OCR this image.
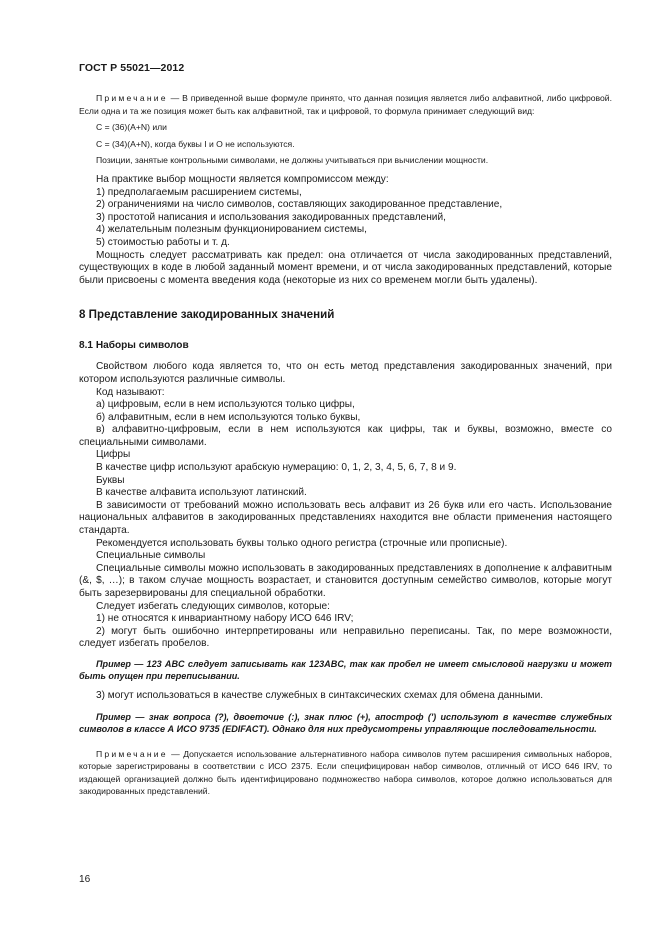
ГОСТ Р 55021—2012

Примечание — В приведенной выше формуле принято, что данная позиция является либо алфавитной, либо цифровой. Если одна и та же позиция может быть как алфавитной, так и цифровой, то формула принимает следующий вид:

C = (36)(A+N) или

C = (34)(A+N), когда буквы I и O не используются.

Позиции, занятые контрольными символами, не должны учитываться при вычислении мощности.

На практике выбор мощности является компромиссом между:

1) предполагаемым расширением системы,

2) ограничениями на число символов, составляющих закодированное представление,

3) простотой написания и использования закодированных представлений,

4) желательным полезным функционированием системы,

5) стоимостью работы и т. д.

Мощность следует рассматривать как предел: она отличается от числа закодированных представлений, существующих в коде в любой заданный момент времени, и от числа закодированных представлений, которые были присвоены с момента введения кода (некоторые из них со временем могли быть удалены).

8 Представление закодированных значений
8.1 Наборы символов

Свойством любого кода является то, что он есть метод представления закодированных значений, при котором используются различные символы.

Код называют:

а) цифровым, если в нем используются только цифры,

б) алфавитным, если в нем используются только буквы,

в) алфавитно-цифровым, если в нем используются как цифры, так и буквы, возможно, вместе со специальными символами.

Цифры

В качестве цифр используют арабскую нумерацию: 0, 1, 2, 3, 4, 5, 6, 7, 8 и 9.

Буквы

В качестве алфавита используют латинский.

В зависимости от требований можно использовать весь алфавит из 26 букв или его часть. Использование национальных алфавитов в закодированных представлениях находится вне области применения настоящего стандарта.

Рекомендуется использовать буквы только одного регистра (строчные или прописные).

Специальные символы

Специальные символы можно использовать в закодированных представлениях в дополнение к алфавитным (&, $, …); в таком случае мощность возрастает, и становится доступным семейство символов, которые могут быть зарезервированы для специальной обработки.

Следует избегать следующих символов, которые:

1) не относятся к инвариантному набору ИСО 646 IRV;

2) могут быть ошибочно интерпретированы или неправильно переписаны. Так, по мере возможности, следует избегать пробелов.

Пример — 123 ABC следует записывать как 123ABC, так как пробел не имеет смысловой нагрузки и может быть опущен при переписывании.

3) могут использоваться в качестве служебных в синтаксических схемах для обмена данными.

Пример — знак вопроса (?), двоеточие (:), знак плюс (+), апостроф (') используют в качестве служебных символов в классе А ИСО 9735 (EDIFACT). Однако для них предусмотрены управляющие последовательности.

Примечание — Допускается использование альтернативного набора символов путем расширения символьных наборов, которые зарегистрированы в соответствии с ИСО 2375. Если специфицирован набор символов, отличный от ИСО 646 IRV, то издающей организацией должно быть идентифицировано подмножество набора символов, которое должно использоваться для закодированных представлений.

16
